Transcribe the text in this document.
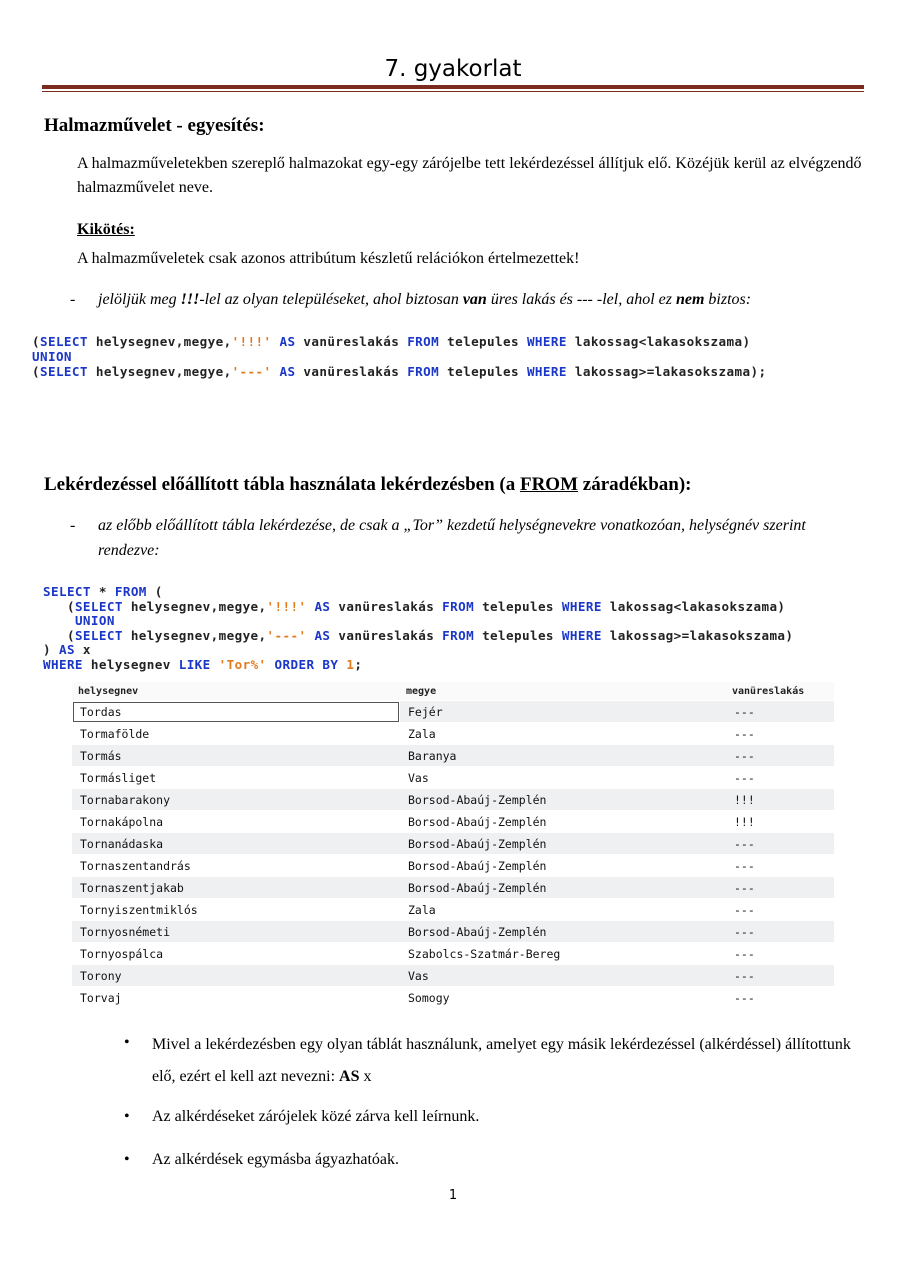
7. gyakorlat
Halmazművelet - egyesítés:
A halmazműveletekben szereplő halmazokat egy-egy zárójelbe tett lekérdezéssel állítjuk elő. Közéjük kerül az elvégzendő halmazművelet neve.
Kikötés:
A halmazműveletek csak azonos attribútum készletű relációkon értelmezettek!
- jelöljük meg !!!-lel az olyan településeket, ahol biztosan van üres lakás és --- -lel, ahol ez nem biztos:
(SELECT helysegnev,megye,'!!!' AS vanüreslakás FROM telepules WHERE lakossag<lakasokszama)
UNION
(SELECT helysegnev,megye,'---' AS vanüreslakás FROM telepules WHERE lakossag>=lakasokszama);
Lekérdezéssel előállított tábla használata lekérdezésben (a FROM záradékban):
- az előbb előállított tábla lekérdezése, de csak a „Tor” kezdetű helységnevekre vonatkozóan, helységnév szerint rendezve:
SELECT * FROM (
(SELECT helysegnev,megye,'!!!' AS vanüreslakás FROM telepules WHERE lakossag<lakasokszama)
UNION
(SELECT helysegnev,megye,'---' AS vanüreslakás FROM telepules WHERE lakossag>=lakasokszama)
) AS x
WHERE helysegnev LIKE 'Tor%' ORDER BY 1;
helysegnev	megye	vanüreslakás
Tordas	Fejér	---
Tormafölde	Zala	---
Tormás	Baranya	---
Tormásliget	Vas	---
Tornabarakony	Borsod-Abaúj-Zemplén	!!!
Tornakápolna	Borsod-Abaúj-Zemplén	!!!
Tornanádaska	Borsod-Abaúj-Zemplén	---
Tornaszentandrás	Borsod-Abaúj-Zemplén	---
Tornaszentjakab	Borsod-Abaúj-Zemplén	---
Tornyiszentmiklós	Zala	---
Tornyosnémeti	Borsod-Abaúj-Zemplén	---
Tornyospálca	Szabolcs-Szatmár-Bereg	---
Torony	Vas	---
Torvaj	Somogy	---
• Mivel a lekérdezésben egy olyan táblát használunk, amelyet egy másik lekérdezéssel (alkérdéssel) állítottunk elő, ezért el kell azt nevezni: AS x
• Az alkérdéseket zárójelek közé zárva kell leírnunk.
• Az alkérdések egymásba ágyazhatóak.
1
